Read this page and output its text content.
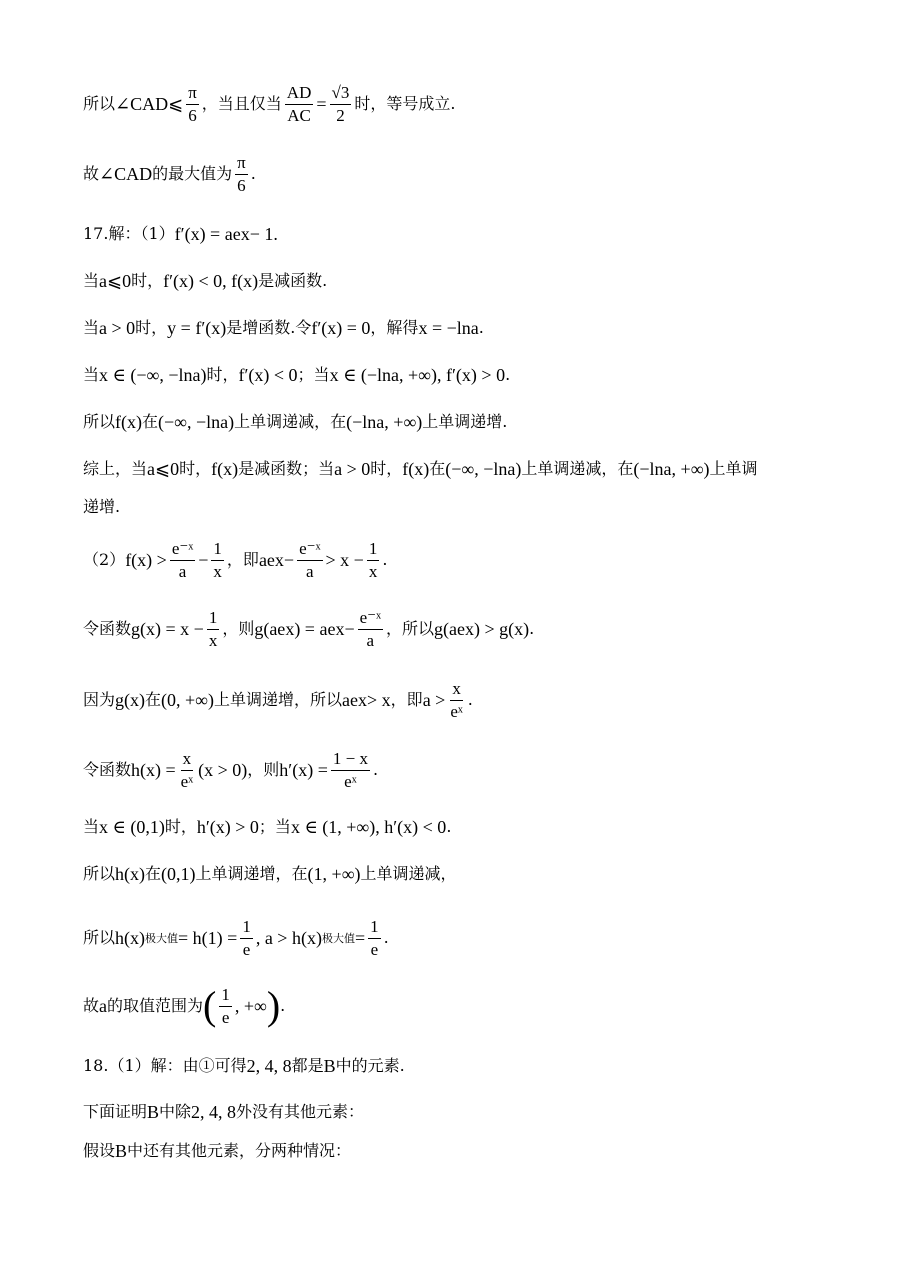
所以 ∠CAD⩽ $\frac{\pi}{6}$ ，当且仅当 $\frac{AD}{AC} = \frac{√3}{2}$ 时，等号成立.
故 ∠CAD 的最大值为 $\frac{\pi}{6}$ .
17.解：（1） f′(x) = ae x − 1.
当 a⩽0 时， f′(x) < 0, f(x) 是减函数.
当 a > 0 时， y = f′(x) 是增函数.令 f′(x) = 0 ，解得 x = −lna .
当 x ∈ (−∞, −lna) 时， f′(x) < 0 ；当 x ∈ (−lna, +∞), f′(x) > 0 .
所以 f(x) 在 (−∞, −lna) 上单调递减，在 (−lna, +∞) 上单调递增.
综上，当 a⩽0 时， f(x) 是减函数；当 a > 0 时， f(x) 在 (−∞, −lna) 上单调递减，在 (−lna, +∞) 上单调
递增.
（2） $f(x) > \frac{\text{e⁻ˣ}}{a} - \frac{1}{x}$ ，即 ae $x - \frac{\text{e⁻ˣ}}{a} > x - \frac{1}{x}$ .
令函数 $g(x) = x - \frac{1}{x}$ ，则 g(ae x ) = ae $x - \frac{\text{e⁻ˣ}}{a}$ ，所以 g(ae x ) > g(x) .
因为 g(x) 在 (0, +∞) 上单调递增，所以 ae x > x ，即 $a > \frac{x}{\text{eˣ}}$ .
令函数 $h(x) = \frac{x}{\text{eˣ}} (x > 0)$ ，则 $h'(x) = \frac{1 - x}{\text{eˣ}}$ .
当 x ∈ (0,1) 时， h′(x) > 0 ；当 x ∈ (1, +∞), h′(x) < 0 .
所以 h(x) 在 (0,1) 上单调递增，在 (1, +∞) 上单调递减，
所以 h(x) 极大值 = $h(1) = \frac{1}{e}$ , a > h(x) 极大值 = $\frac{1}{e}$ .
故 a 的取值范围为 ( $\frac{1}{e}$ , +∞ ) .
18.（1）解：由①可得 2, 4, 8 都是 B 中的元素.
下面证明 B 中除 2, 4, 8 外没有其他元素：
假设 B 中还有其他元素，分两种情况：
